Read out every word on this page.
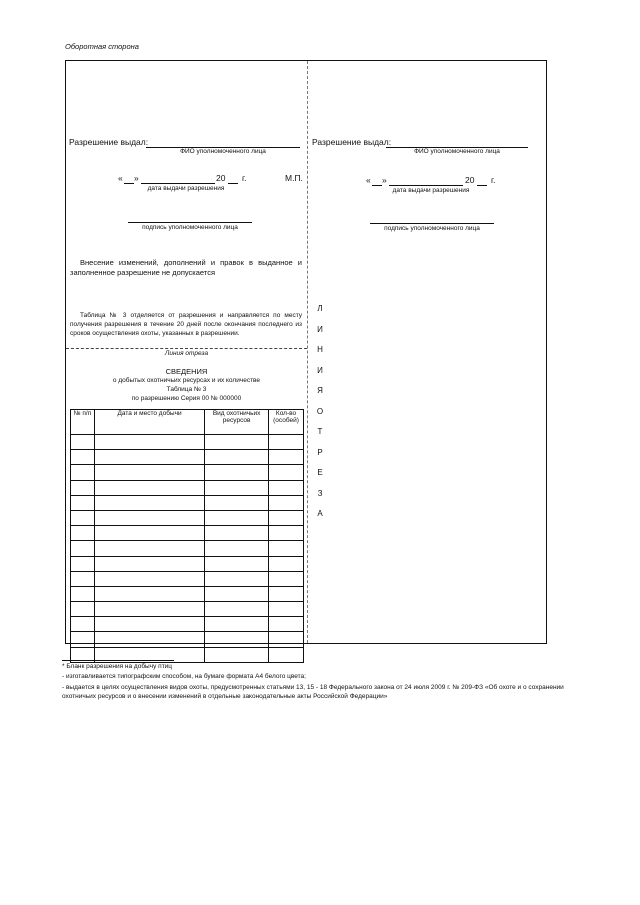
Оборотная сторона
Разрешение выдал:
ФИО уполномоченного лица
« »	20 г.
дата выдачи разрешения
М.П.
подпись уполномоченного лица
Внесение изменений, дополнений и правок в выданное и заполненное разрешение не допускается
Таблица № 3 отделяется от разрешения и направляется по месту получения разрешения в течение 20 дней после окончания последнего из сроков осуществления охоты, указанных в разрешении.
Линия отреза
СВЕДЕНИЯ
о добытых охотничьих ресурсах и их количестве
Таблица № 3
по разрешению Серия 00 № 000000
№ п/п	Дата и место добычи	Вид охотничьих ресурсов	Кол-во (особей)

Разрешение выдал:
ФИО уполномоченного лица
« »	20 г.
дата выдачи разрешения
подпись уполномоченного лица
Л
И
Н
И
Я
О
Т
Р
Е
З
А
* Бланк разрешения на добычу птиц
- изготавливается типографским способом, на бумаге формата А4 белого цвета;
- выдается в целях осуществления видов охоты, предусмотренных статьями 13, 15 - 18 Федерального закона от 24 июля 2009 г. № 209-ФЗ «Об охоте и о сохранении охотничьих ресурсов и о внесении изменений в отдельные законодательные акты Российской Федерации»
